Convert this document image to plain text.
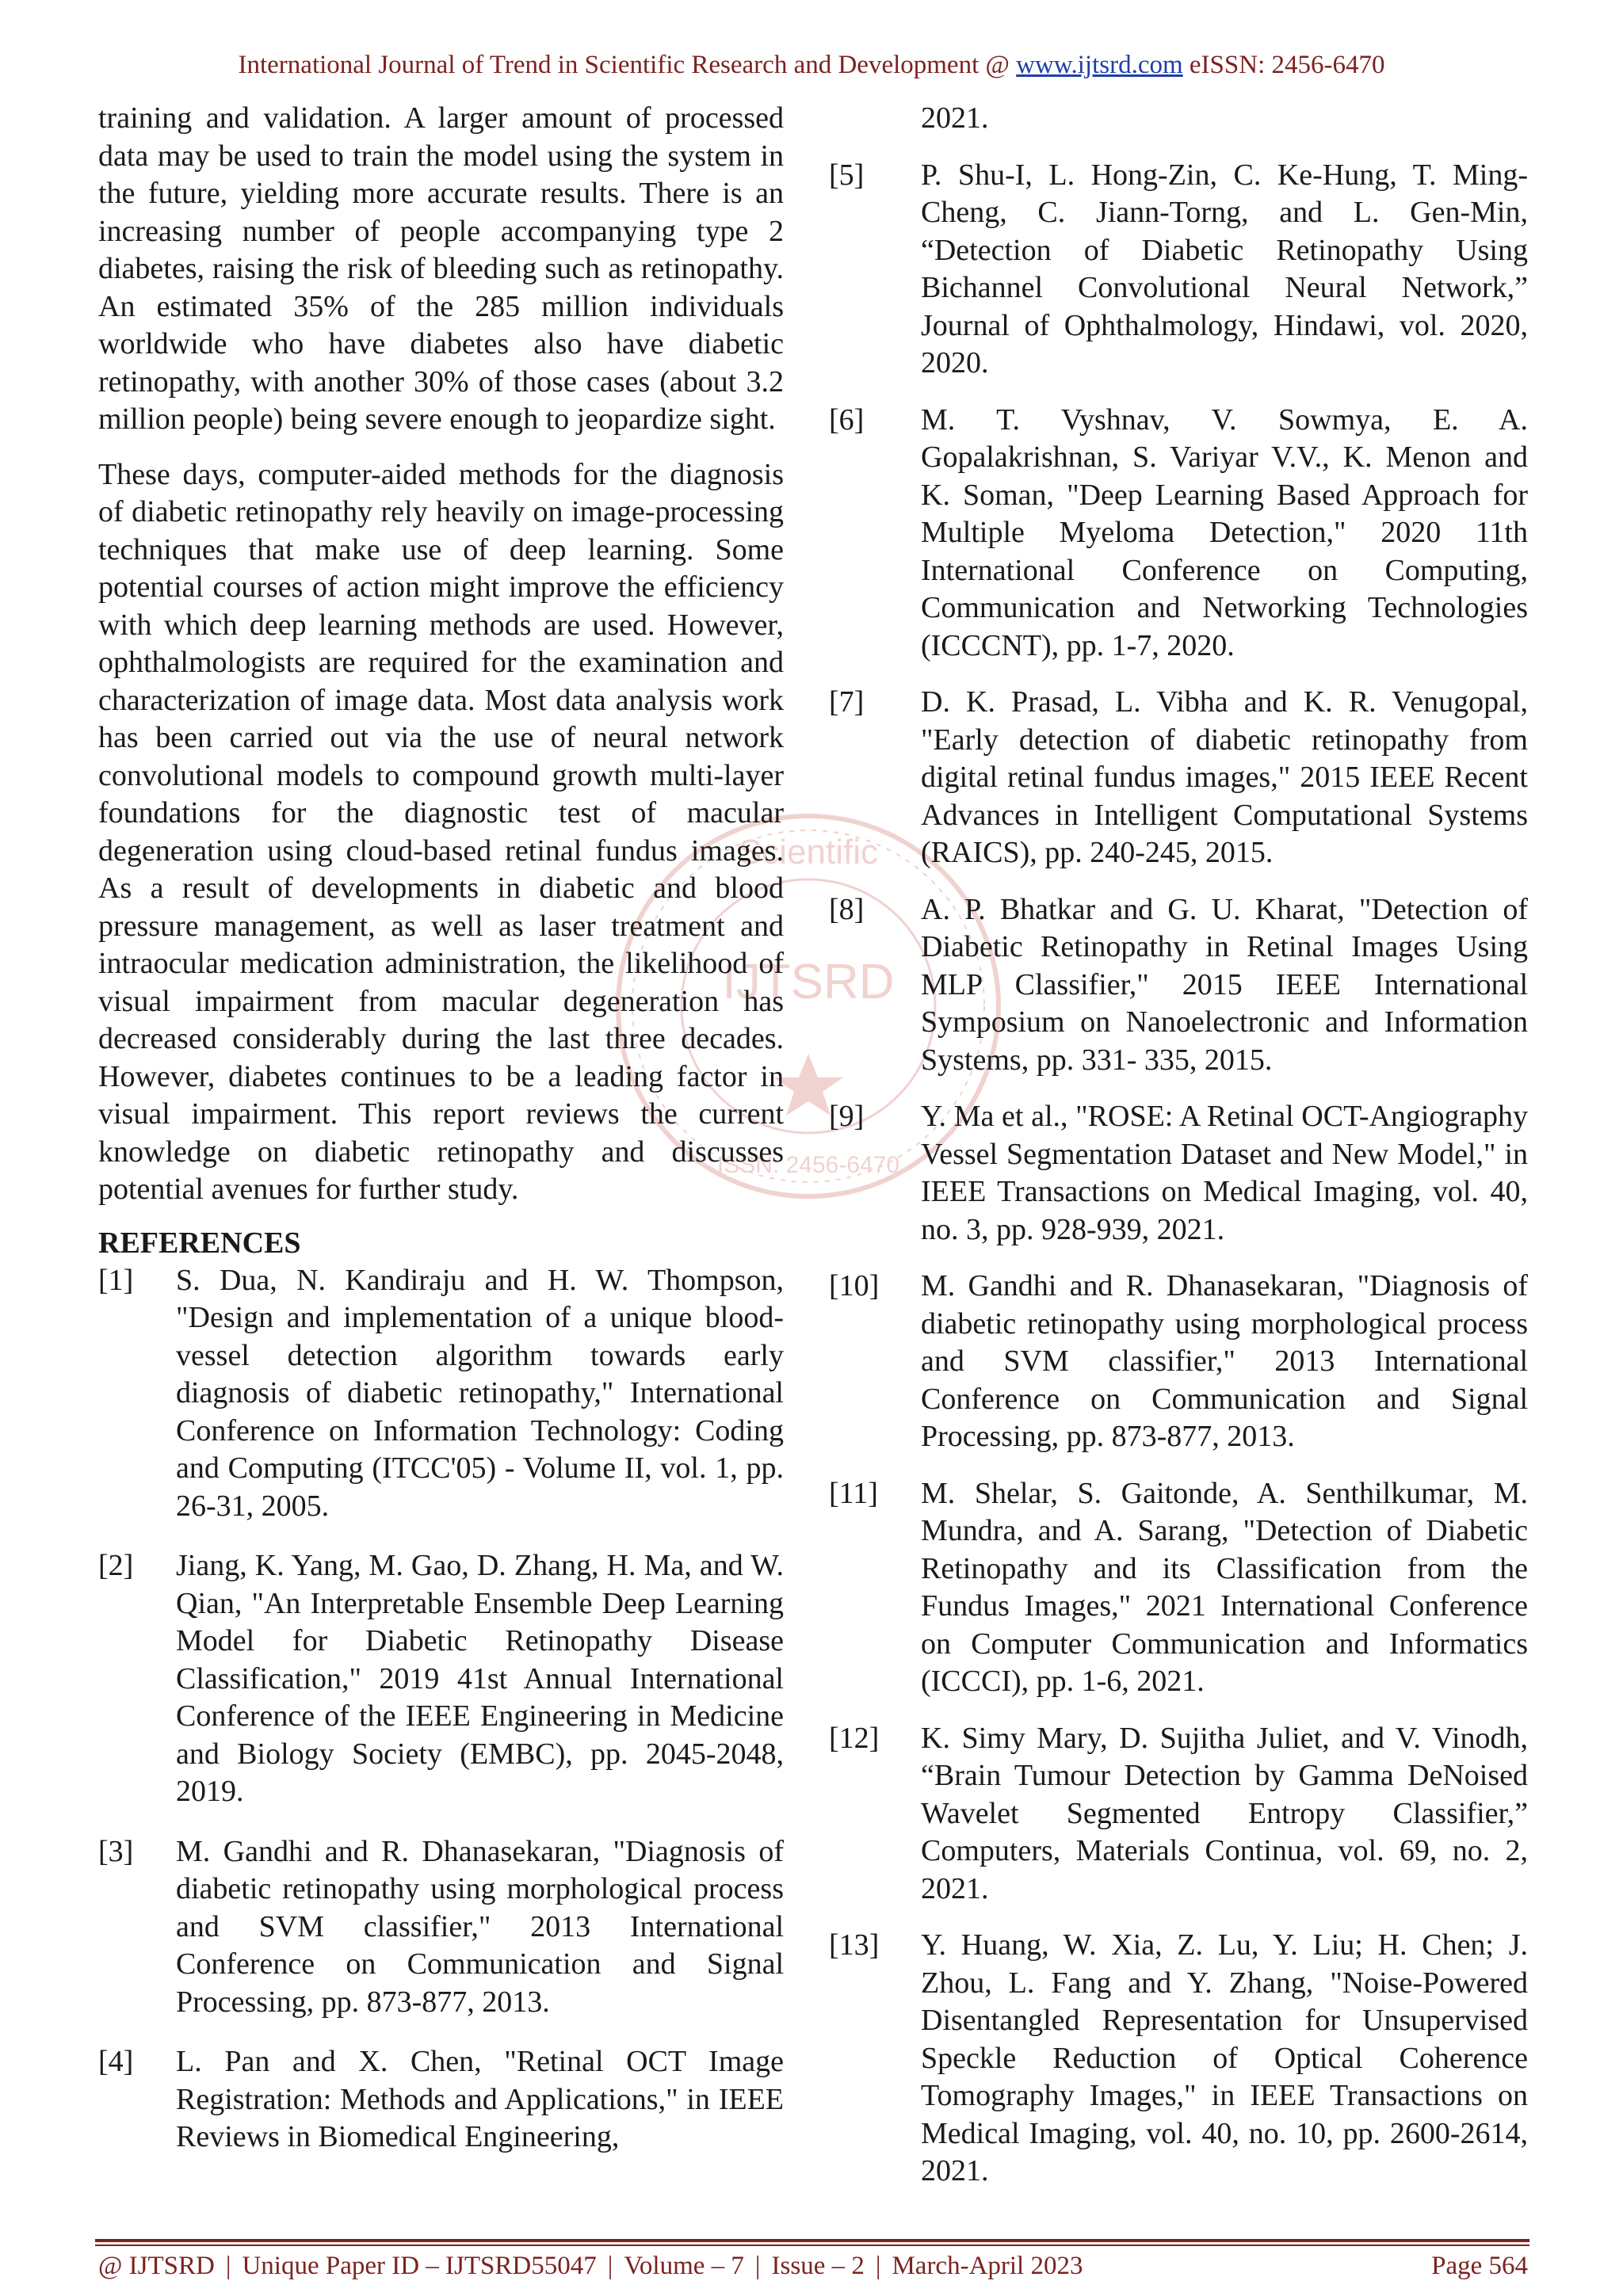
International Journal of Trend in Scientific Research and Development @ www.ijtsrd.com eISSN: 2456-6470
Scientific
IJTSRD
ISSN: 2456-6470

training and validation. A larger amount of processed data may be used to train the model using the system in the future, yielding more accurate results. There is an increasing number of people accompanying type 2 diabetes, raising the risk of bleeding such as retinopathy. An estimated 35% of the 285 million individuals worldwide who have diabetes also have diabetic retinopathy, with another 30% of those cases (about 3.2 million people) being severe enough to jeopardize sight.

These days, computer-aided methods for the diagnosis of diabetic retinopathy rely heavily on image-processing techniques that make use of deep learning. Some potential courses of action might improve the efficiency with which deep learning methods are used. However, ophthalmologists are required for the examination and characterization of image data. Most data analysis work has been carried out via the use of neural network convolutional models to compound growth multi-layer foundations for the diagnostic test of macular degeneration using cloud-based retinal fundus images. As a result of developments in diabetic and blood pressure management, as well as laser treatment and intraocular medication administration, the likelihood of visual impairment from macular degeneration has decreased considerably during the last three decades. However, diabetes continues to be a leading factor in visual impairment. This report reviews the current knowledge on diabetic retinopathy and discusses potential avenues for further study.

REFERENCES
[1]	S. Dua, N. Kandiraju and H. W. Thompson, "Design and implementation of a unique blood-vessel detection algorithm towards early diagnosis of diabetic retinopathy," International Conference on Information Technology: Coding and Computing (ITCC'05) - Volume II, vol. 1, pp. 26-31, 2005.
[2]	Jiang, K. Yang, M. Gao, D. Zhang, H. Ma, and W. Qian, "An Interpretable Ensemble Deep Learning Model for Diabetic Retinopathy Disease Classification," 2019 41st Annual International Conference of the IEEE Engineering in Medicine and Biology Society (EMBC), pp. 2045-2048, 2019.
[3]	M. Gandhi and R. Dhanasekaran, "Diagnosis of diabetic retinopathy using morphological process and SVM classifier," 2013 International Conference on Communication and Signal Processing, pp. 873-877, 2013.
[4]	L. Pan and X. Chen, "Retinal OCT Image Registration: Methods and Applications," in IEEE Reviews in Biomedical Engineering,
2021.
[5]	P. Shu-I, L. Hong-Zin, C. Ke-Hung, T. Ming-Cheng, C. Jiann-Torng, and L. Gen-Min, “Detection of Diabetic Retinopathy Using Bichannel Convolutional Neural Network,” Journal of Ophthalmology, Hindawi, vol. 2020, 2020.
[6]	M. T. Vyshnav, V. Sowmya, E. A. Gopalakrishnan, S. Variyar V.V., K. Menon and K. Soman, "Deep Learning Based Approach for Multiple Myeloma Detection," 2020 11th International Conference on Computing, Communication and Networking Technologies (ICCCNT), pp. 1-7, 2020.
[7]	D. K. Prasad, L. Vibha and K. R. Venugopal, "Early detection of diabetic retinopathy from digital retinal fundus images," 2015 IEEE Recent Advances in Intelligent Computational Systems (RAICS), pp. 240-245, 2015.
[8]	A. P. Bhatkar and G. U. Kharat, "Detection of Diabetic Retinopathy in Retinal Images Using MLP Classifier," 2015 IEEE International Symposium on Nanoelectronic and Information Systems, pp. 331- 335, 2015.
[9]	Y. Ma et al., "ROSE: A Retinal OCT-Angiography Vessel Segmentation Dataset and New Model," in IEEE Transactions on Medical Imaging, vol. 40, no. 3, pp. 928-939, 2021.
[10]	M. Gandhi and R. Dhanasekaran, "Diagnosis of diabetic retinopathy using morphological process and SVM classifier," 2013 International Conference on Communication and Signal Processing, pp. 873-877, 2013.
[11]	M. Shelar, S. Gaitonde, A. Senthilkumar, M. Mundra, and A. Sarang, "Detection of Diabetic Retinopathy and its Classification from the Fundus Images," 2021 International Conference on Computer Communication and Informatics (ICCCI), pp. 1-6, 2021.
[12]	K. Simy Mary, D. Sujitha Juliet, and V. Vinodh, “Brain Tumour Detection by Gamma DeNoised Wavelet Segmented Entropy Classifier,” Computers, Materials Continua, vol. 69, no. 2, 2021.
[13]	Y. Huang, W. Xia, Z. Lu, Y. Liu; H. Chen; J. Zhou, L. Fang and Y. Zhang, "Noise-Powered Disentangled Representation for Unsupervised Speckle Reduction of Optical Coherence Tomography Images," in IEEE Transactions on Medical Imaging, vol. 40, no. 10, pp. 2600-2614, 2021.
@ IJTSRD | Unique Paper ID – IJTSRD55047 | Volume – 7 | Issue – 2 | March-April 2023	Page 564
